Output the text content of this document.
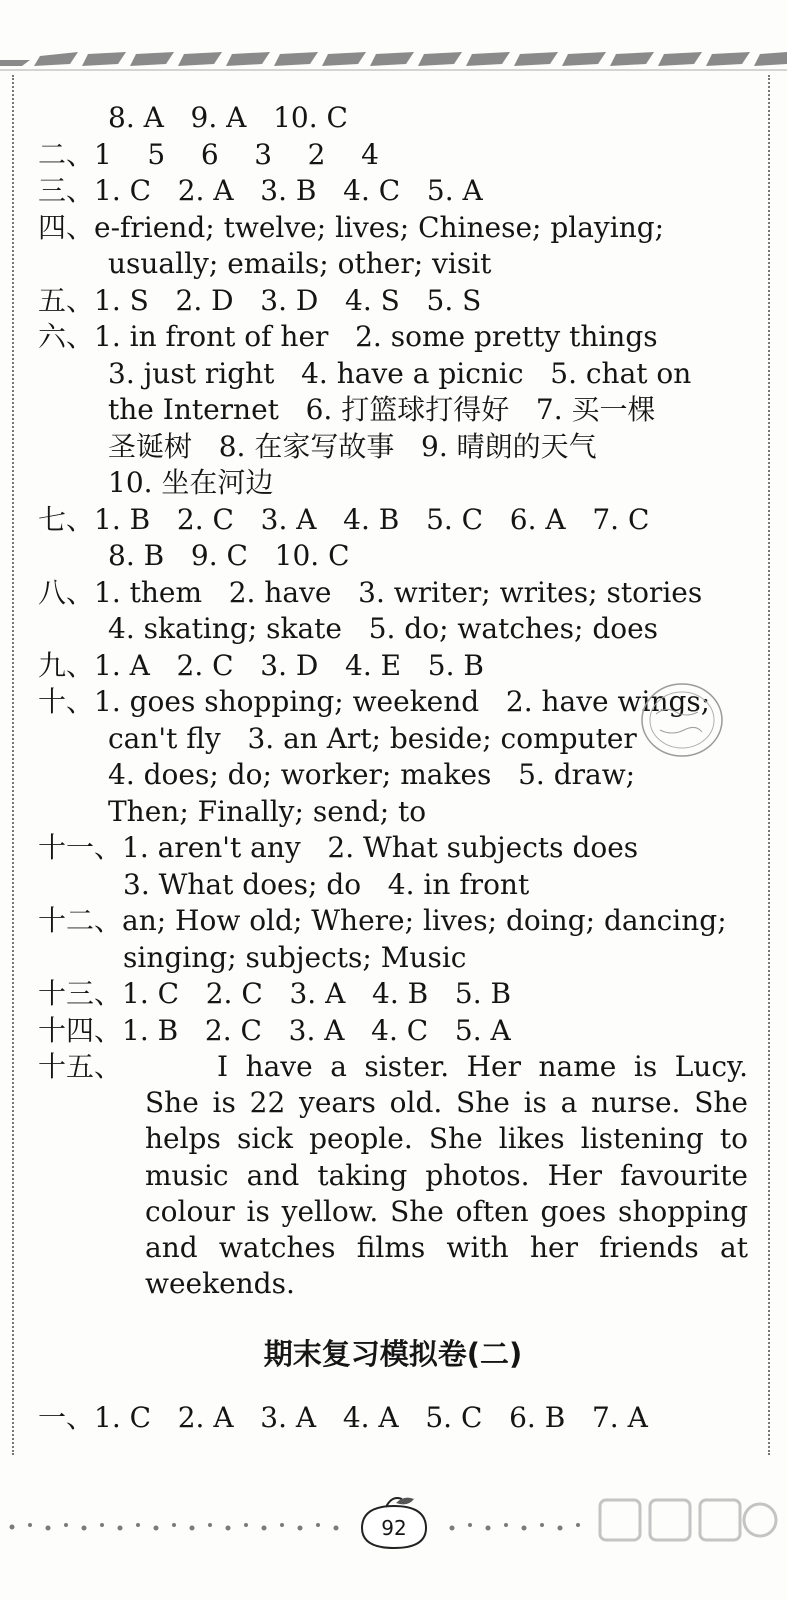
8. A   9. A   10. C
二、1    5    6    3    2    4
三、1. C   2. A   3. B   4. C   5. A
四、e-friend; twelve; lives; Chinese; playing;
usually; emails; other; visit
五、1. S   2. D   3. D   4. S   5. S
六、1. in front of her   2. some pretty things
3. just right   4. have a picnic   5. chat on
the Internet   6. 打篮球打得好   7. 买一棵
圣诞树   8. 在家写故事   9. 晴朗的天气
10. 坐在河边
七、1. B   2. C   3. A   4. B   5. C   6. A   7. C
8. B   9. C   10. C
八、1. them   2. have   3. writer; writes; stories
4. skating; skate   5. do; watches; does
九、1. A   2. C   3. D   4. E   5. B
十、1. goes shopping; weekend   2. have wings;
can't fly   3. an Art; beside; computer
4. does; do; worker; makes   5. draw;
Then; Finally; send; to
十一、1. aren't any   2. What subjects does
3. What does; do   4. in front
十二、an; How old; Where; lives; doing; dancing;
singing; subjects; Music
十三、1. C   2. C   3. A   4. B   5. B
十四、1. B   2. C   3. A   4. C   5. A
十五、	I have a sister. Her name is Lucy. She is 22 years old. She is a nurse. She helps sick people. She likes listening to music and taking photos. Her favourite colour is yellow. She often goes shopping and watches films with her friends at weekends.
期末复习模拟卷(二)
一、1. C   2. A   3. A   4. A   5. C   6. B   7. A
92
